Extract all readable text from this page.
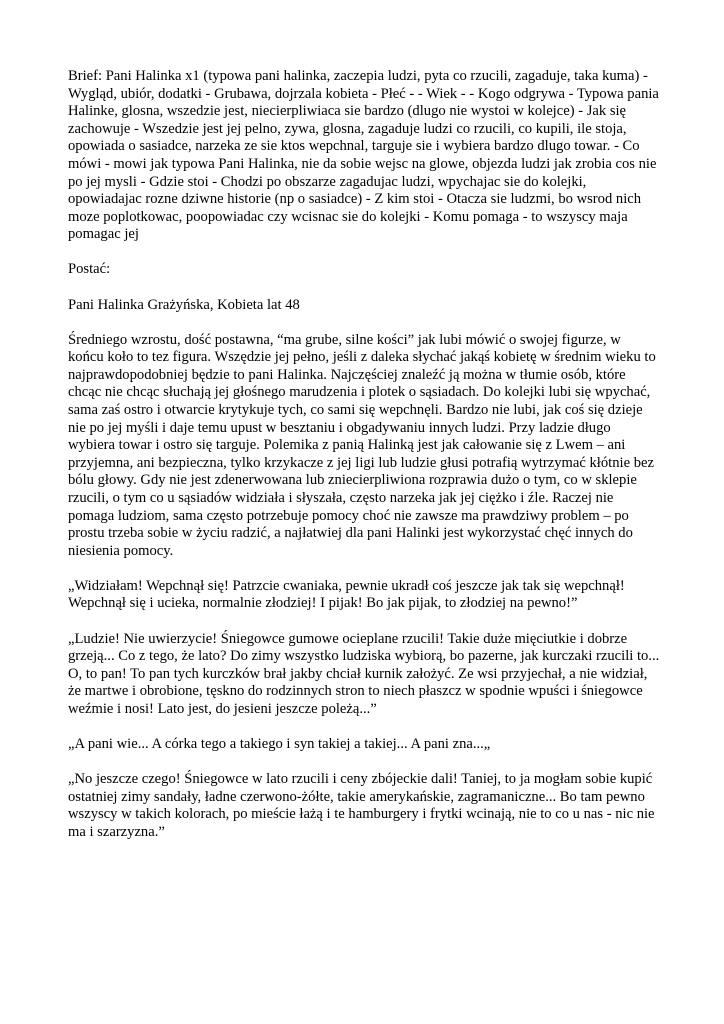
Brief: Pani Halinka x1 (typowa pani halinka, zaczepia ludzi, pyta co rzucili, zagaduje, taka kuma) - Wygląd, ubiór, dodatki - Grubawa, dojrzala kobieta - Płeć - - Wiek - - Kogo odgrywa - Typowa pania Halinke, glosna, wszedzie jest, niecierpliwiaca sie bardzo (dlugo nie wystoi w kolejce) - Jak się zachowuje - Wszedzie jest jej pelno, zywa, glosna, zagaduje ludzi co rzucili, co kupili, ile stoja, opowiada o sasiadce, narzeka ze sie ktos wepchnal, targuje sie i wybiera bardzo dlugo towar. - Co mówi - mowi jak typowa Pani Halinka, nie da sobie wejsc na glowe, objezda ludzi jak zrobia cos nie po jej mysli - Gdzie stoi - Chodzi po obszarze zagadujac ludzi, wpychajac sie do kolejki, opowiadajac rozne dziwne historie (np o sasiadce) - Z kim stoi - Otacza sie ludzmi, bo wsrod nich moze poplotkowac, poopowiadac czy wcisnac sie do kolejki - Komu pomaga - to wszyscy maja pomagac jej

Postać:

Pani Halinka Grażyńska, Kobieta lat 48

Średniego wzrostu, dość postawna, “ma grube, silne kości” jak lubi mówić o swojej figurze, w końcu koło to tez figura. Wszędzie jej pełno, jeśli z daleka słychać jakąś kobietę w średnim wieku to najprawdopodobniej będzie to pani Halinka. Najczęściej znaleźć ją można w tłumie osób, które chcąc nie chcąc słuchają jej głośnego marudzenia i plotek o sąsiadach. Do kolejki lubi się wpychać, sama zaś ostro i otwarcie krytykuje tych, co sami się wepchnęli. Bardzo nie lubi, jak coś się dzieje nie po jej myśli i daje temu upust w besztaniu i obgadywaniu innych ludzi. Przy ladzie długo wybiera towar i ostro się targuje. Polemika z panią Halinką jest jak całowanie się z Lwem – ani przyjemna, ani bezpieczna, tylko krzykacze z jej ligi lub ludzie głusi potrafią wytrzymać kłótnie bez bólu głowy. Gdy nie jest zdenerwowana lub zniecierpliwiona rozprawia dużo o tym, co w sklepie rzucili, o tym co u sąsiadów widziała i słyszała, często narzeka jak jej ciężko i źle. Raczej nie pomaga ludziom, sama często potrzebuje pomocy choć nie zawsze ma prawdziwy problem – po prostu trzeba sobie w życiu radzić, a najłatwiej dla pani Halinki jest wykorzystać chęć innych do niesienia pomocy.

„Widziałam! Wepchnął się! Patrzcie cwaniaka, pewnie ukradł coś jeszcze jak tak się wepchnął! Wepchnął się i ucieka, normalnie złodziej! I pijak! Bo jak pijak, to złodziej na pewno!”

„Ludzie! Nie uwierzycie! Śniegowce gumowe ocieplane rzucili! Takie duże mięciutkie i dobrze grzeją... Co z tego, że lato? Do zimy wszystko ludziska wybiorą, bo pazerne, jak kurczaki rzucili to... O, to pan! To pan tych kurczków brał jakby chciał kurnik założyć. Ze wsi przyjechał, a nie widział, że martwe i obrobione, tęskno do rodzinnych stron to niech płaszcz w spodnie wpuści i śniegowce weźmie i nosi! Lato jest, do jesieni jeszcze poleżą...”

„A pani wie... A córka tego a takiego i syn takiej a takiej... A pani zna...„

„No jeszcze czego! Śniegowce w lato rzucili i ceny zbójeckie dali! Taniej, to ja mogłam sobie kupić ostatniej zimy sandały, ładne czerwono-żółte, takie amerykańskie, zagramaniczne... Bo tam pewno wszyscy w takich kolorach, po mieście łażą i te hamburgery i frytki wcinają, nie to co u nas - nic nie ma i szarzyzna.”
